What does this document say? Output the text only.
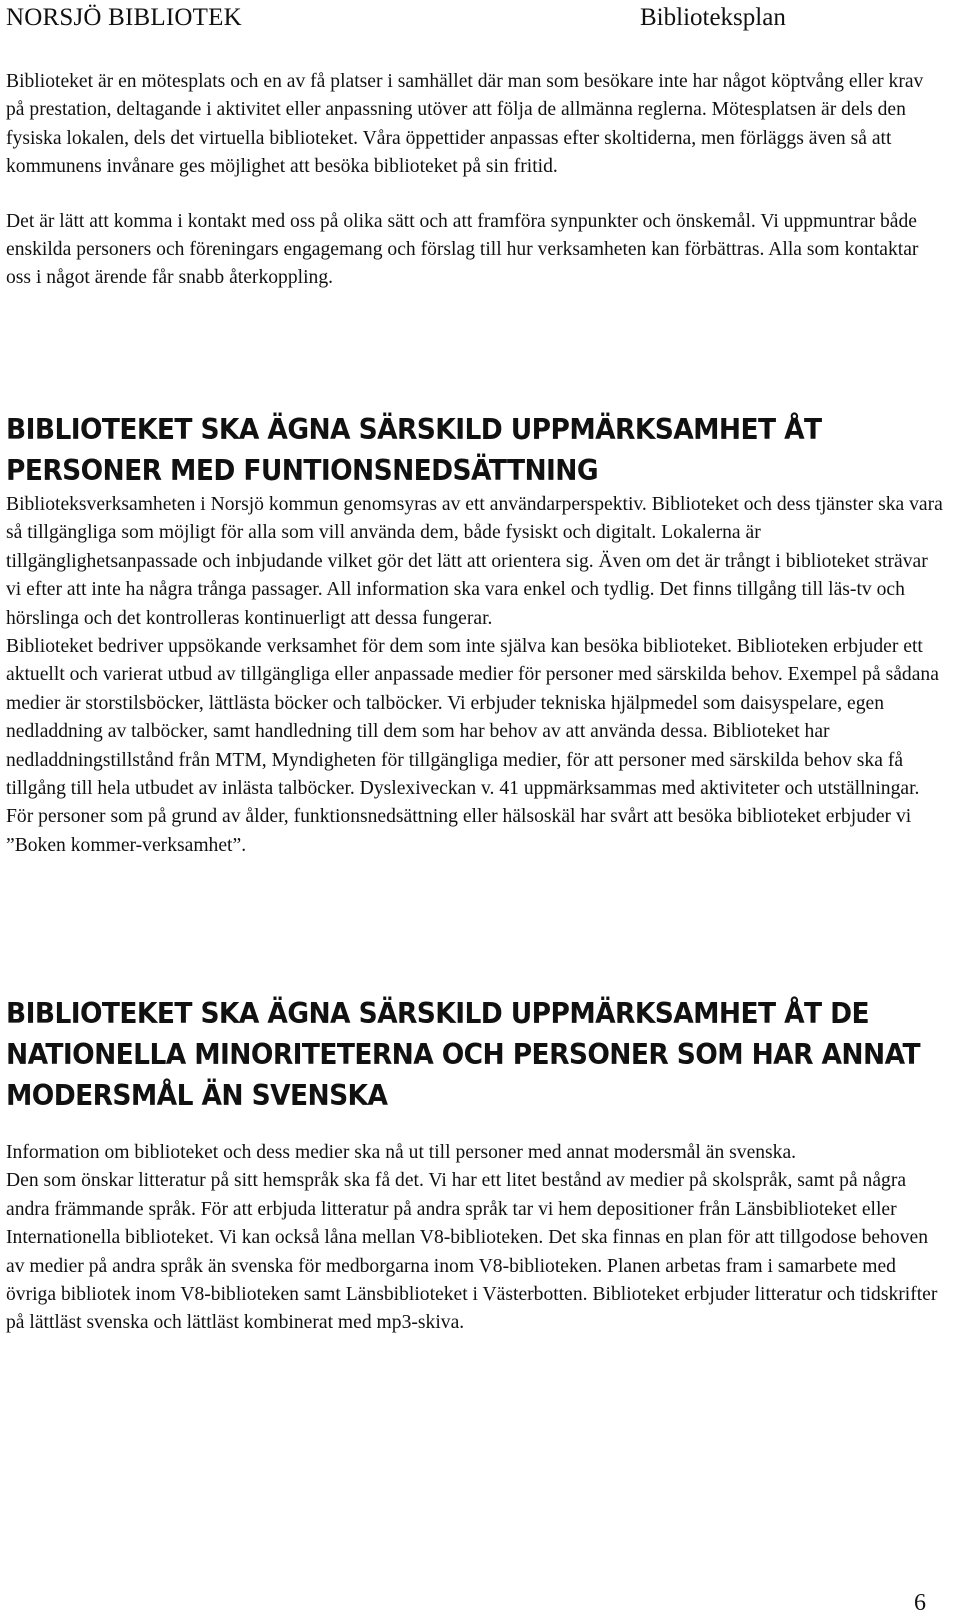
NORSJÖ BIBLIOTEK	Biblioteksplan

Biblioteket är en mötesplats och en av få platser i samhället där man som besökare inte har något köptvång eller krav på prestation, deltagande i aktivitet eller anpassning utöver att följa de allmänna reglerna. Mötesplatsen är dels den fysiska lokalen, dels det virtuella biblioteket. Våra öppettider anpassas efter skoltiderna, men förläggs även så att kommunens invånare ges möjlighet att besöka biblioteket på sin fritid.

Det är lätt att komma i kontakt med oss på olika sätt och att framföra synpunkter och önskemål. Vi uppmuntrar både enskilda personers och föreningars engagemang och förslag till hur verksamheten kan förbättras. Alla som kontaktar oss i något ärende får snabb återkoppling.

BIBLIOTEKET SKA ÄGNA SÄRSKILD UPPMÄRKSAMHET ÅT PERSONER MED FUNTIONSNEDSÄTTNING

Biblioteksverksamheten i Norsjö kommun genomsyras av ett användarperspektiv. Biblioteket och dess tjänster ska vara så tillgängliga som möjligt för alla som vill använda dem, både fysiskt och digitalt. Lokalerna är tillgänglighetsanpassade och inbjudande vilket gör det lätt att orientera sig. Även om det är trångt i biblioteket strävar vi efter att inte ha några trånga passager. All information ska vara enkel och tydlig. Det finns tillgång till läs-tv och hörslinga och det kontrolleras kontinuerligt att dessa fungerar.

Biblioteket bedriver uppsökande verksamhet för dem som inte själva kan besöka biblioteket. Biblioteken erbjuder ett aktuellt och varierat utbud av tillgängliga eller anpassade medier för personer med särskilda behov. Exempel på sådana medier är storstilsböcker, lättlästa böcker och talböcker. Vi erbjuder tekniska hjälpmedel som daisyspelare, egen nedladdning av talböcker, samt handledning till dem som har behov av att använda dessa. Biblioteket har nedladdningstillstånd från MTM, Myndigheten för tillgängliga medier, för att personer med särskilda behov ska få tillgång till hela utbudet av inlästa talböcker. Dyslexiveckan v. 41 uppmärksammas med aktiviteter och utställningar. För personer som på grund av ålder, funktionsnedsättning eller hälsoskäl har svårt att besöka biblioteket erbjuder vi ”Boken kommer-verksamhet”.

BIBLIOTEKET SKA ÄGNA SÄRSKILD UPPMÄRKSAMHET ÅT DE NATIONELLA MINORITETERNA OCH PERSONER SOM HAR ANNAT MODERSMÅL ÄN SVENSKA

Information om biblioteket och dess medier ska nå ut till personer med annat modersmål än svenska.

Den som önskar litteratur på sitt hemspråk ska få det. Vi har ett litet bestånd av medier på skolspråk, samt på några andra främmande språk. För att erbjuda litteratur på andra språk tar vi hem depositioner från Länsbiblioteket eller Internationella biblioteket. Vi kan också låna mellan V8-biblioteken. Det ska finnas en plan för att tillgodose behoven av medier på andra språk än svenska för medborgarna inom V8-biblioteken. Planen arbetas fram i samarbete med övriga bibliotek inom V8-biblioteken samt Länsbiblioteket i Västerbotten. Biblioteket erbjuder litteratur och tidskrifter på lättläst svenska och lättläst kombinerat med mp3-skiva.

6
